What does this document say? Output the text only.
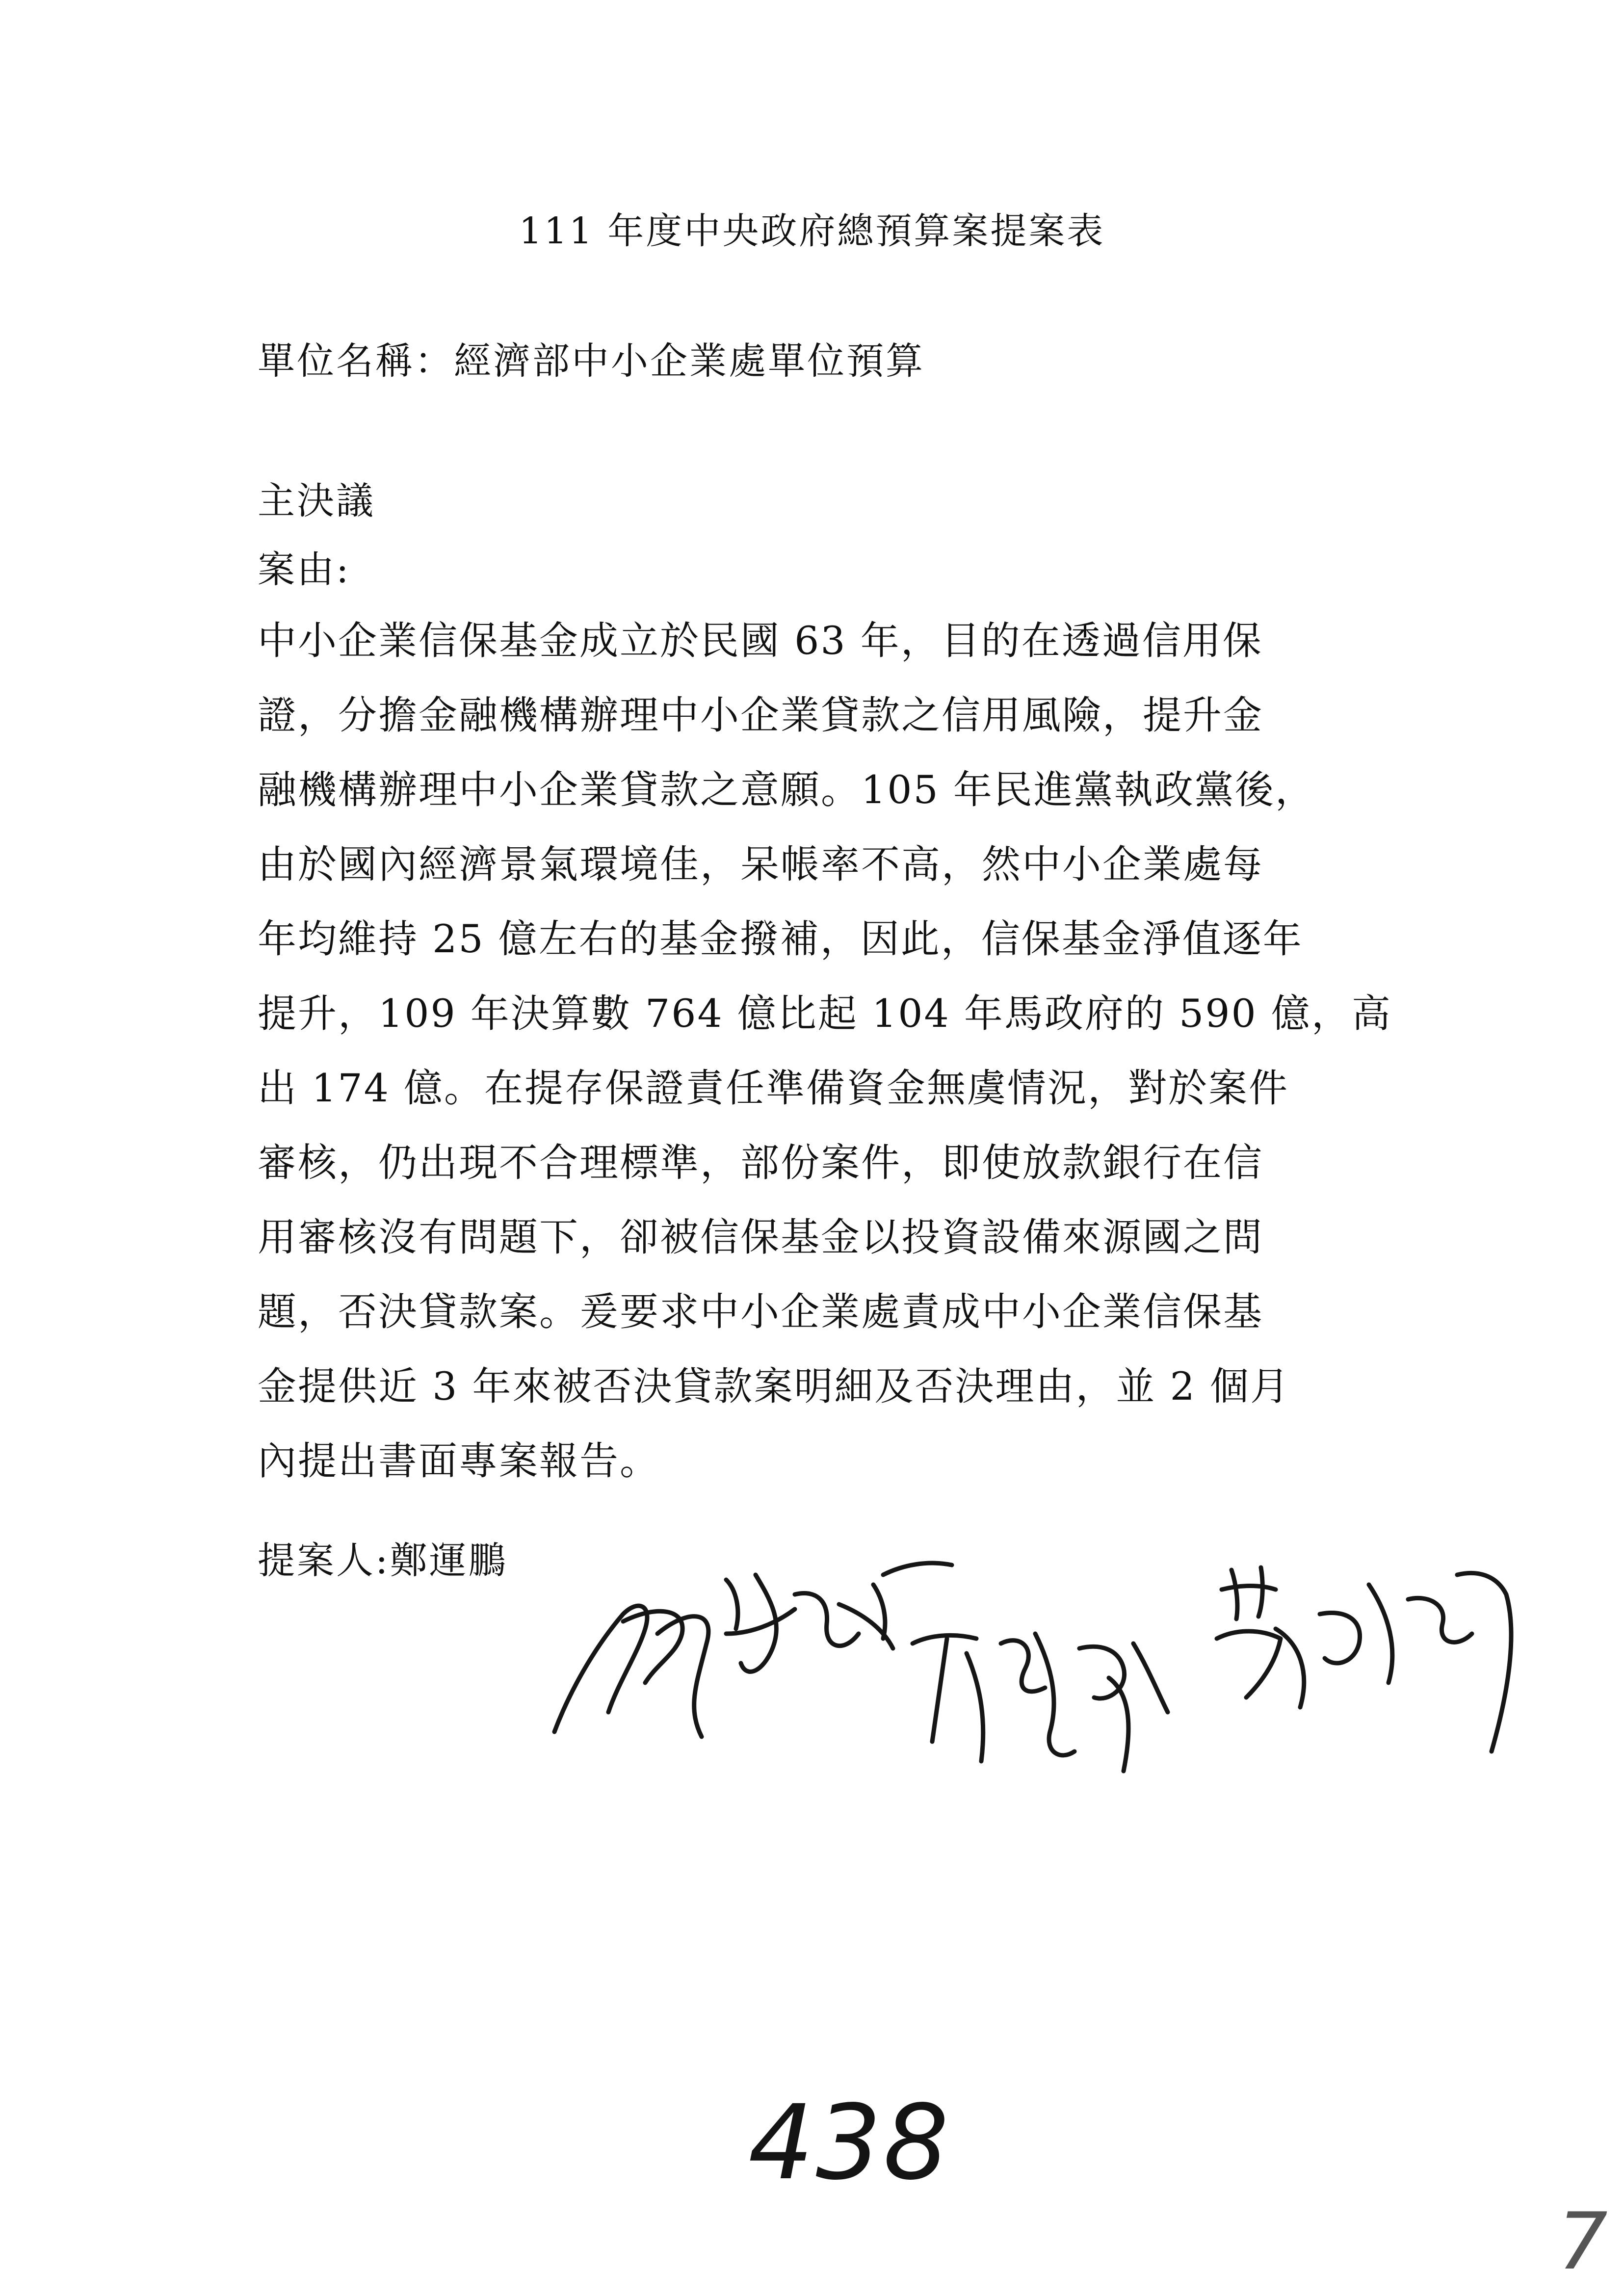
111 年度中央政府總預算案提案表
單位名稱：經濟部中小企業處單位預算
主決議
案由:
中小企業信保基金成立於民國 63 年，目的在透過信用保
證，分擔金融機構辦理中小企業貸款之信用風險，提升金
融機構辦理中小企業貸款之意願。105 年民進黨執政黨後，
由於國內經濟景氣環境佳，呆帳率不高，然中小企業處每
年均維持 25 億左右的基金撥補，因此，信保基金淨值逐年
提升，109 年決算數 764 億比起 104 年馬政府的 590 億，高
出 174 億。在提存保證責任準備資金無虞情況，對於案件
審核，仍出現不合理標準，部份案件，即使放款銀行在信
用審核沒有問題下，卻被信保基金以投資設備來源國之問
題，否決貸款案。爰要求中小企業處責成中小企業信保基
金提供近 3 年來被否決貸款案明細及否決理由，並 2 個月
內提出書面專案報告。
提案人:鄭運鵬
438
7
